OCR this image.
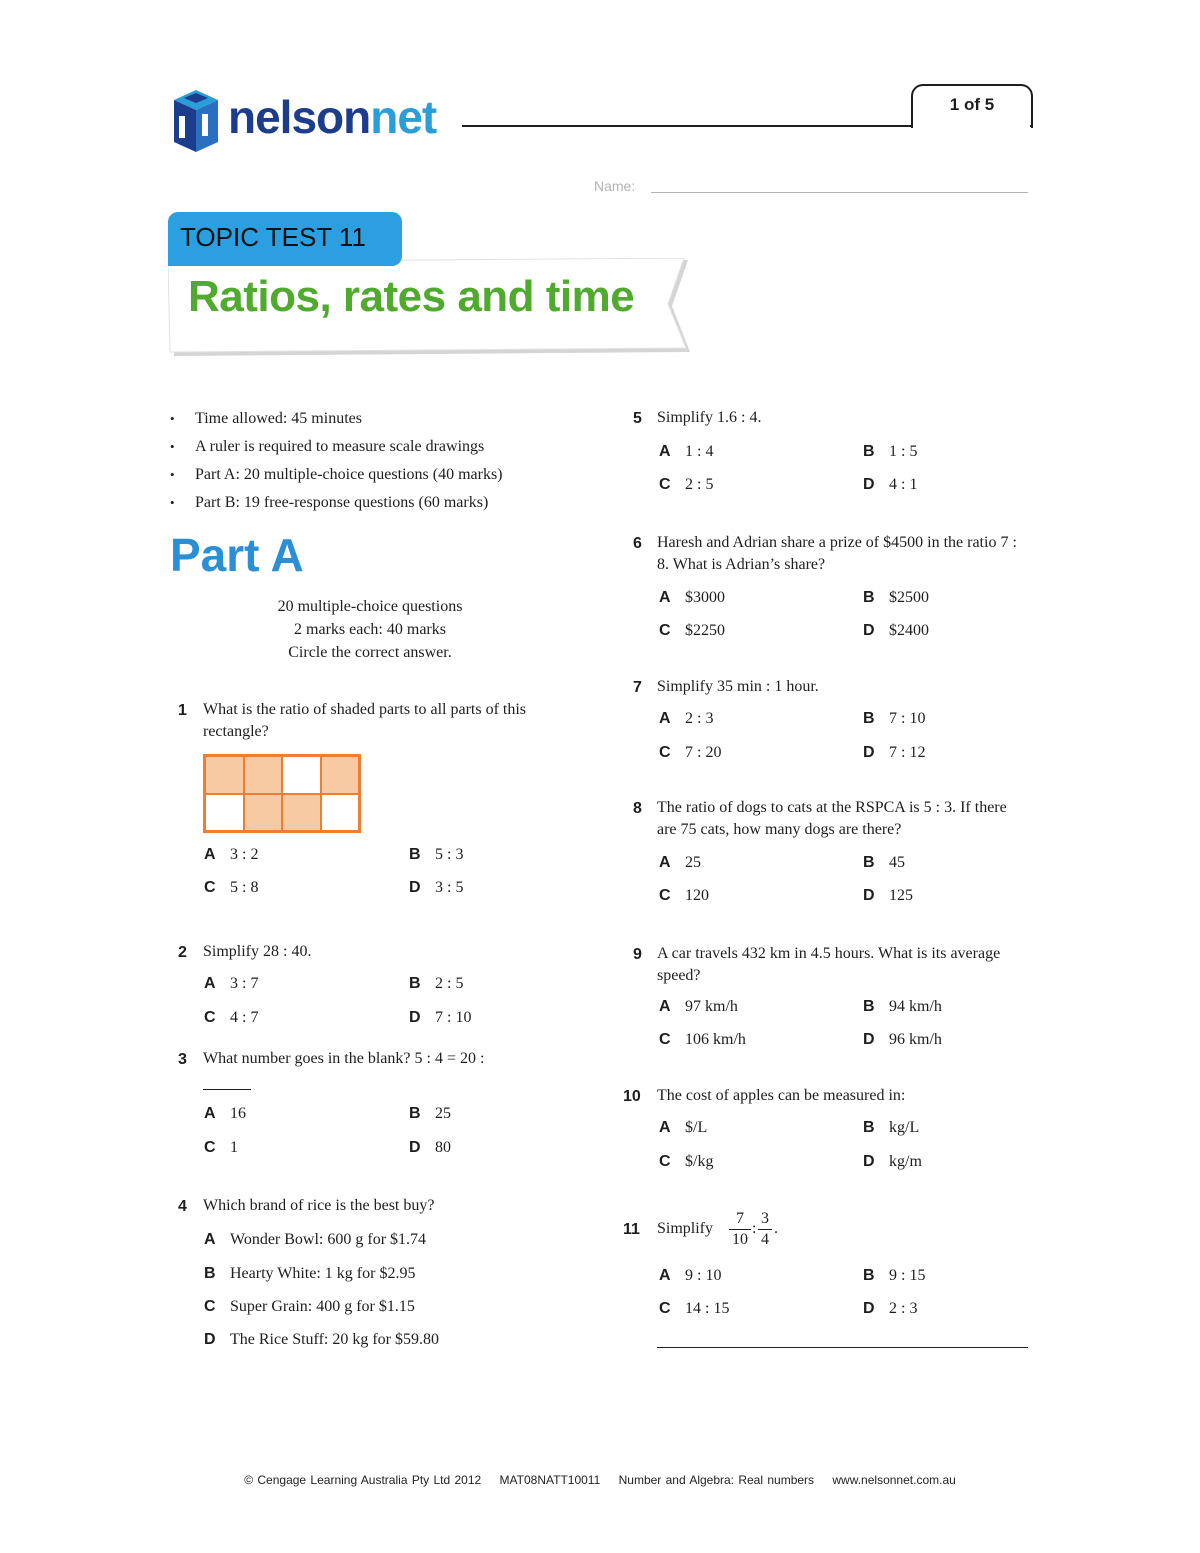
nelsonnet	1 of 5
Name:
TOPIC TEST 11
Ratios, rates and time
• Time allowed: 45 minutes
• A ruler is required to measure scale drawings
• Part A: 20 multiple-choice questions (40 marks)
• Part B: 19 free-response questions (60 marks)
Part A
20 multiple-choice questions
2 marks each: 40 marks
Circle the correct answer.
1 What is the ratio of shaded parts to all parts of this rectangle?
A 3 : 2	B 5 : 3
C 5 : 8	D 3 : 5
2 Simplify 28 : 40.
A 3 : 7	B 2 : 5
C 4 : 7	D 7 : 10
3 What number goes in the blank? 5 : 4 = 20 :
A 16	B 25
C 1	D 80
4 Which brand of rice is the best buy?
A Wonder Bowl: 600 g for $1.74
B Hearty White: 1 kg for $2.95
C Super Grain: 400 g for $1.15
D The Rice Stuff: 20 kg for $59.80
5 Simplify 1.6 : 4.
A 1 : 4	B 1 : 5
C 2 : 5	D 4 : 1
6 Haresh and Adrian share a prize of $4500 in the ratio 7 : 8. What is Adrian’s share?
A $3000	B $2500
C $2250	D $2400
7 Simplify 35 min : 1 hour.
A 2 : 3	B 7 : 10
C 7 : 20	D 7 : 12
8 The ratio of dogs to cats at the RSPCA is 5 : 3. If there are 75 cats, how many dogs are there?
A 25	B 45
C 120	D 125
9 A car travels 432 km in 4.5 hours. What is its average speed?
A 97 km/h	B 94 km/h
C 106 km/h	D 96 km/h
10 The cost of apples can be measured in:
A $/L	B kg/L
C $/kg	D kg/m
11 Simplify
7
10
:
3
4
.
A 9 : 10	B 9 : 15
C 14 : 15	D 2 : 3
© Cengage Learning Australia Pty Ltd 2012 MAT08NATT10011 Number and Algebra: Real numbers www.nelsonnet.com.au
